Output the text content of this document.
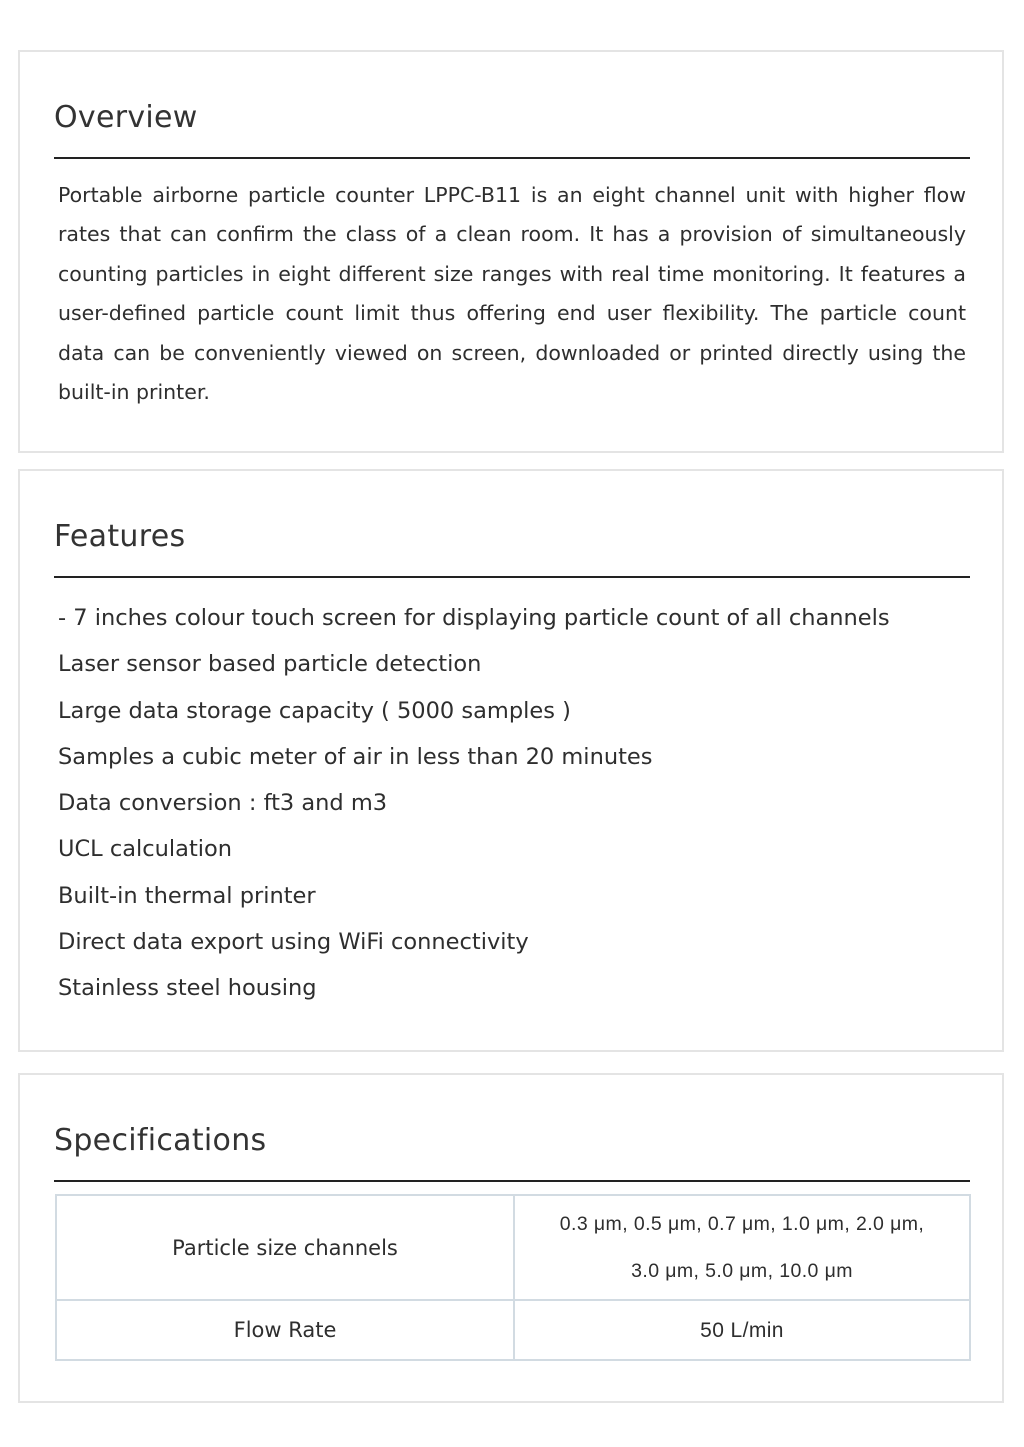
Overview

Portable airborne particle counter LPPC-B11 is an eight channel unit with higher flow rates that can confirm the class of a clean room. It has a provision of simultaneously counting particles in eight different size ranges with real time monitoring. It features a user-defined particle count limit thus offering end user flexibility. The particle count data can be conveniently viewed on screen, downloaded or printed directly using the built-in printer.

Features
- 7 inches colour touch screen for displaying particle count of all channels
Laser sensor based particle detection
Large data storage capacity ( 5000 samples )
Samples a cubic meter of air in less than 20 minutes
Data conversion : ft3 and m3
UCL calculation
Built-in thermal printer
Direct data export using WiFi connectivity
Stainless steel housing
Specifications
Particle size channels	0.3 μm, 0.5 μm, 0.7 μm, 1.0 μm, 2.0 μm,
3.0 μm, 5.0 μm, 10.0 μm
Flow Rate	50 L/min
